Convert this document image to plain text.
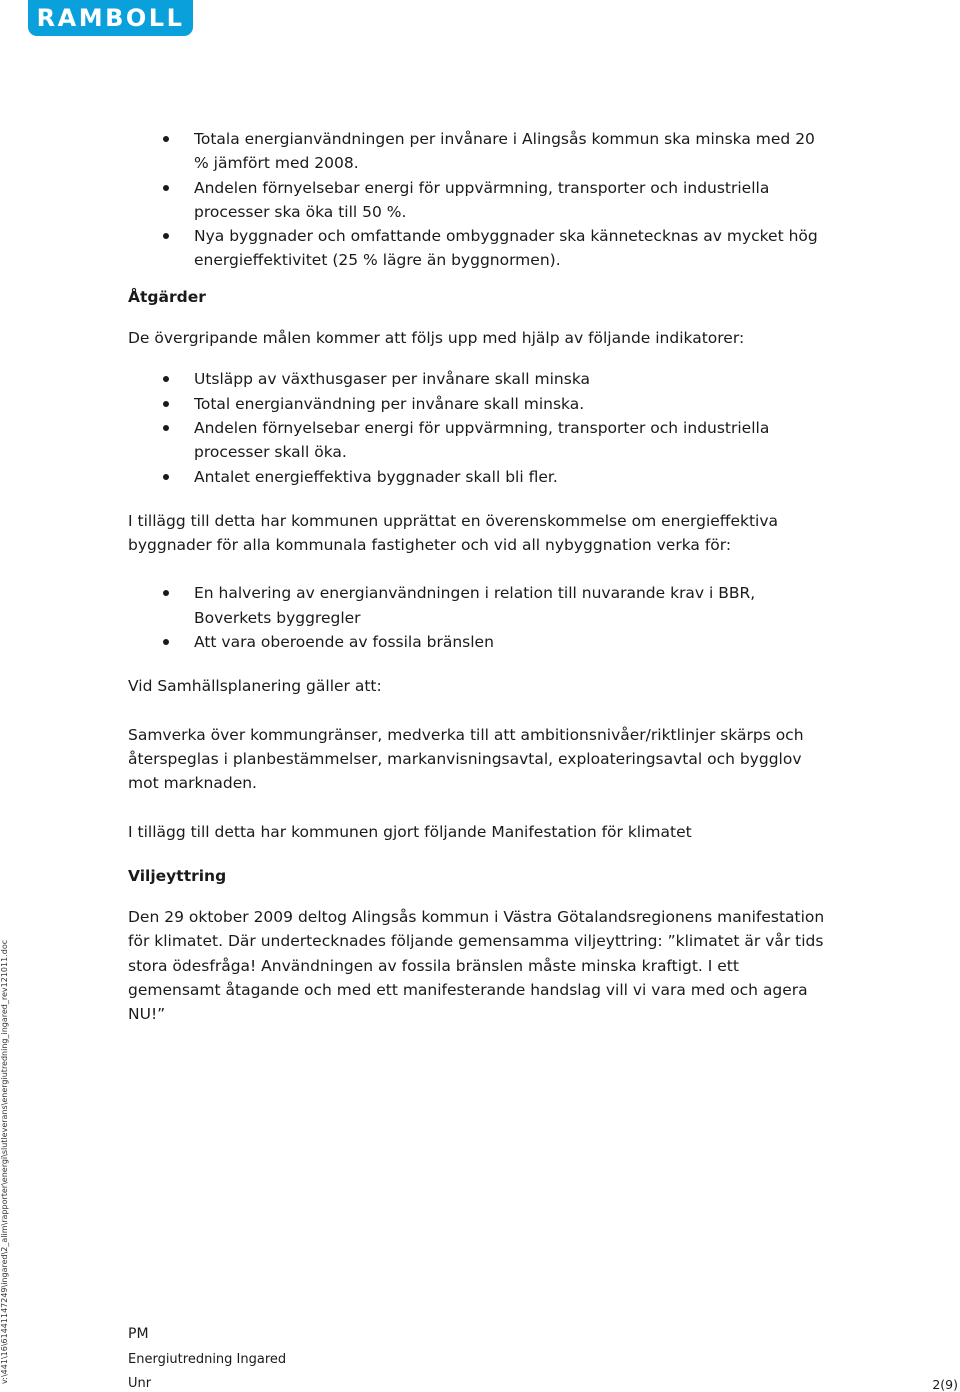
RAMBOLL
Totala energianvändningen per invånare i Alingsås kommun ska minska med 20 % jämfört med 2008.
Andelen förnyelsebar energi för uppvärmning, transporter och industriella processer ska öka till 50 %.
Nya byggnader och omfattande ombyggnader ska kännetecknas av mycket hög energieffektivitet (25 % lägre än byggnormen).

Åtgärder

De övergripande målen kommer att följs upp med hjälp av följande indikatorer:

Utsläpp av växthusgaser per invånare skall minska
Total energianvändning per invånare skall minska.
Andelen förnyelsebar energi för uppvärmning, transporter och industriella processer skall öka.
Antalet energieffektiva byggnader skall bli fler.

I tillägg till detta har kommunen upprättat en överenskommelse om energieffektiva byggnader för alla kommunala fastigheter och vid all nybyggnation verka för:

En halvering av energianvändningen i relation till nuvarande krav i BBR, Boverkets byggregler
Att vara oberoende av fossila bränslen

Vid Samhällsplanering gäller att:

Samverka över kommungränser, medverka till att ambitionsnivåer/riktlinjer skärps och återspeglas i planbestämmelser, markanvisningsavtal, exploateringsavtal och bygglov mot marknaden.

I tillägg till detta har kommunen gjort följande Manifestation för klimatet

Viljeyttring

Den 29 oktober 2009 deltog Alingsås kommun i Västra Götalandsregionens manifestation för klimatet. Där undertecknades följande gemensamma viljeyttring: ”klimatet är vår tids stora ödesfråga! Användningen av fossila bränslen måste minska kraftigt. I ett gemensamt åtagande och med ett manifesterande handslag vill vi vara med och agera NU!”

v:\441\16\61441147249\ingared\2_alim\rapporter\energi\slutleverans\energiutredning_ingared_rev121011.doc	PM
Energiutredning Ingared
Unr	2(9)
